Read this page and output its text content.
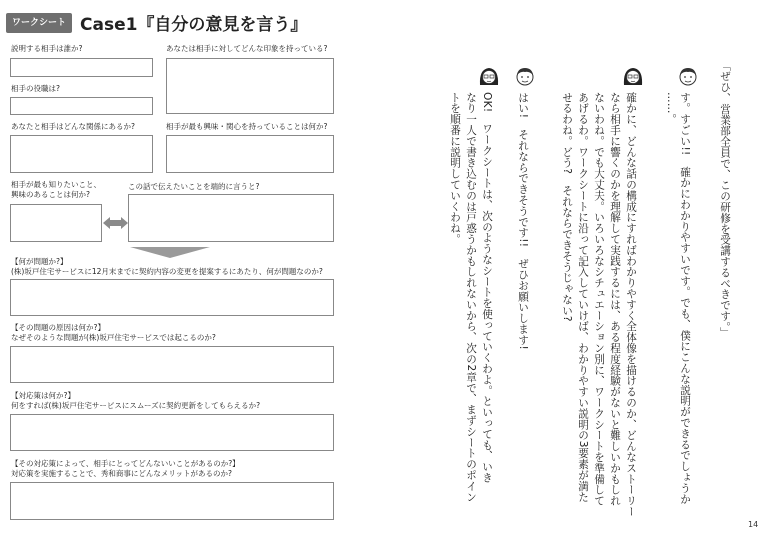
ワークシート Case1『自分の意見を言う』
説明する相手は誰か?	あなたは相手に対してどんな印象を持っている?
相手の役職は?
あなたと相手はどんな関係にあるか?	相手が最も興味・関心を持っていることは何か?
相手が最も知りたいこと、
興味のあることは何か?
この話で伝えたいことを端的に言うと?
【何が問題か?】
(株)坂戸住宅サービスに12月末までに契約内容の変更を提案するにあたり、何が問題なのか?
【その問題の原因は何か?】
なぜそのような問題が(株)坂戸住宅サービスでは起こるのか?
【対応策は何か?】
何をすれば(株)坂戸住宅サービスにスムーズに契約更新をしてもらえるか?
【その対応策によって、相手にとってどんないいことがあるのか?】
対応策を実施することで、秀和商事にどんなメリットがあるのか?
「ぜひ、営業部全員で、この研修を受講するべきです。」
す。すごい!!　確かにわかりやすいです。でも、僕にこんな説明ができるでしょうか
……。
確かに、どんな話の構成にすればわかりやすく全体像を描けるのか、どんなストーリー
なら相手に響くのかを理解して実践するには、ある程度経験がないと難しいかもしれ
ないわね。でも大丈夫。いろいろなシチュエーション別に、ワークシートを準備して
あげるわ。ワークシートに沿って記入していけば、わかりやすい説明の3要素が満た
せるわね。どう?　それならできそうじゃない?
はい!　それならできそうです!!　ぜひお願いします!
OK!　ワークシートは、次のようなシートを使っていくわよ。といっても、いき
なり一人で書き込むのは戸惑うかもしれないから、次の2章で、まずシートのポイン
トを順番に説明していくわね。
14
